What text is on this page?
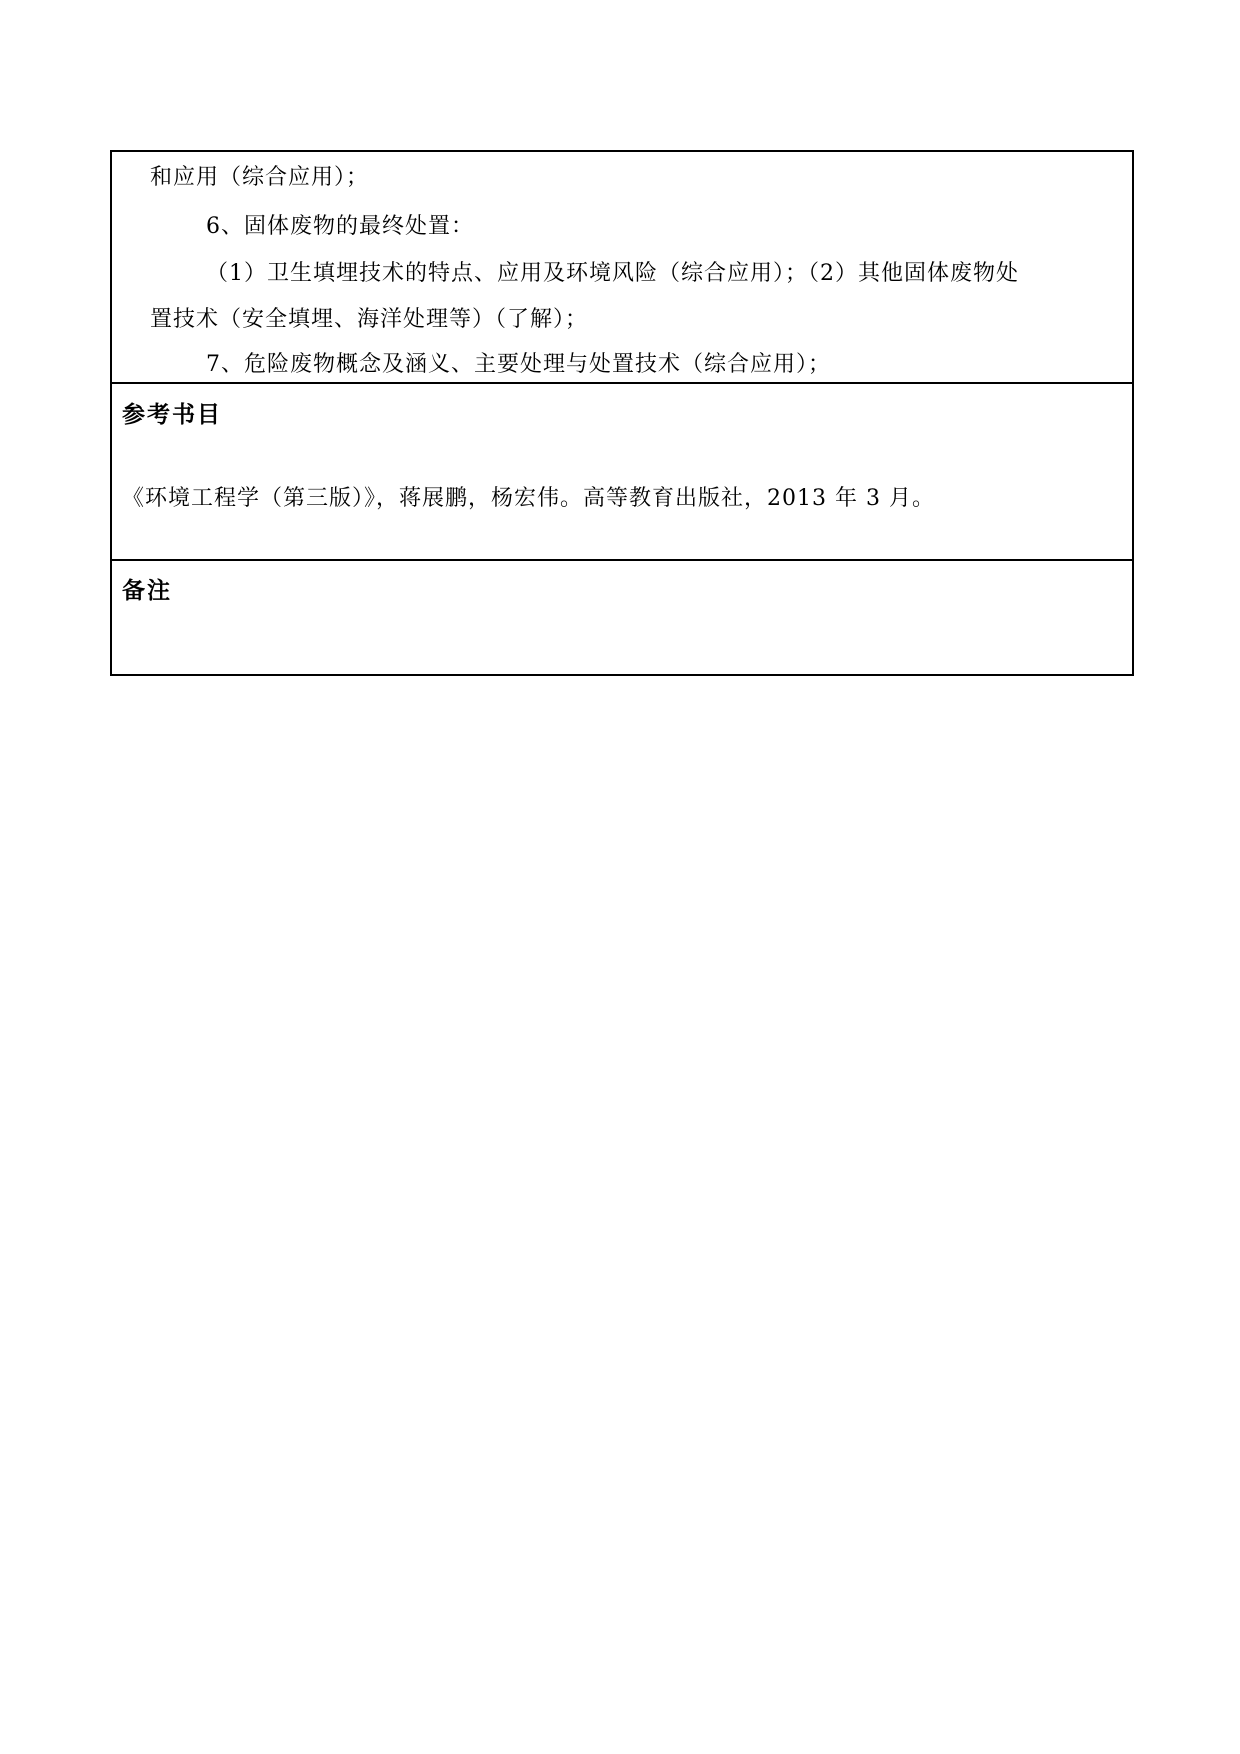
和应用（综合应用）；
6、固体废物的最终处置：
（1）卫生填埋技术的特点、应用及环境风险（综合应用）；（2）其他固体废物处
置技术（安全填埋、海洋处理等）（了解）；
7、危险废物概念及涵义、主要处理与处置技术（综合应用）；
参考书目
《环境工程学（第三版）》，蒋展鹏，杨宏伟。高等教育出版社，2013 年 3 月。
备注
